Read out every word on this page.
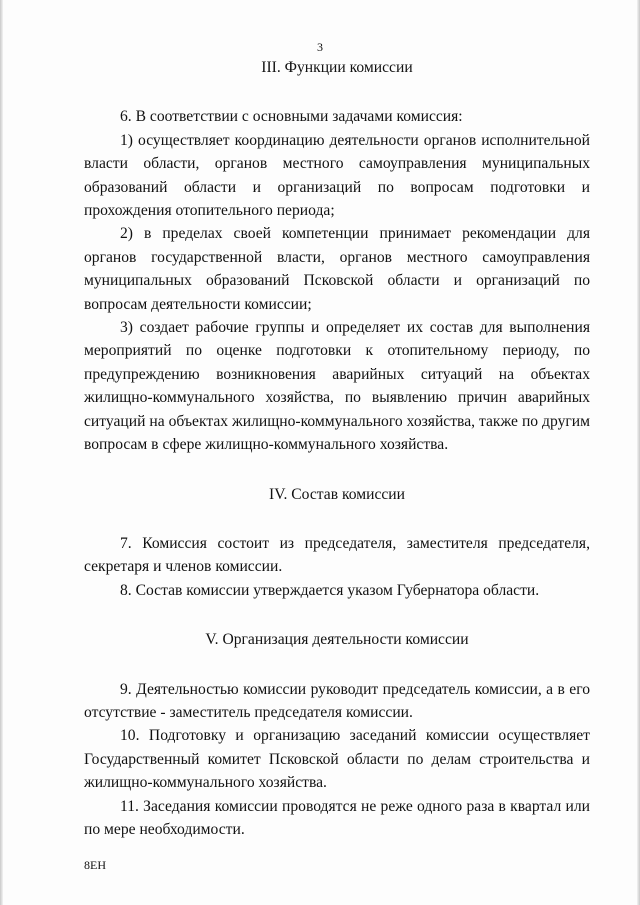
3
III. Функции комиссии

6. В соответствии с основными задачами комиссия:

1) осуществляет координацию деятельности органов исполнительной власти области, органов местного самоуправления муниципальных образований области и организаций по вопросам подготовки и прохождения отопительного периода;

2) в пределах своей компетенции принимает рекомендации для органов государственной власти, органов местного самоуправления муниципальных образований Псковской области и организаций по вопросам деятельности комиссии;

3) создает рабочие группы и определяет их состав для выполнения мероприятий по оценке подготовки к отопительному периоду, по предупреждению возникновения аварийных ситуаций на объектах жилищно-коммунального хозяйства, по выявлению причин аварийных ситуаций на объектах жилищно-коммунального хозяйства, также по другим вопросам в сфере жилищно-коммунального хозяйства.

IV. Состав комиссии

7. Комиссия состоит из председателя, заместителя председателя, секретаря и членов комиссии.

8. Состав комиссии утверждается указом Губернатора области.

V. Организация деятельности комиссии

9. Деятельностью комиссии руководит председатель комиссии, а в его отсутствие - заместитель председателя комиссии.

10. Подготовку и организацию заседаний комиссии осуществляет Государственный комитет Псковской области по делам строительства и жилищно-коммунального хозяйства.

11. Заседания комиссии проводятся не реже одного раза в квартал или по мере необходимости.

8ЕН
